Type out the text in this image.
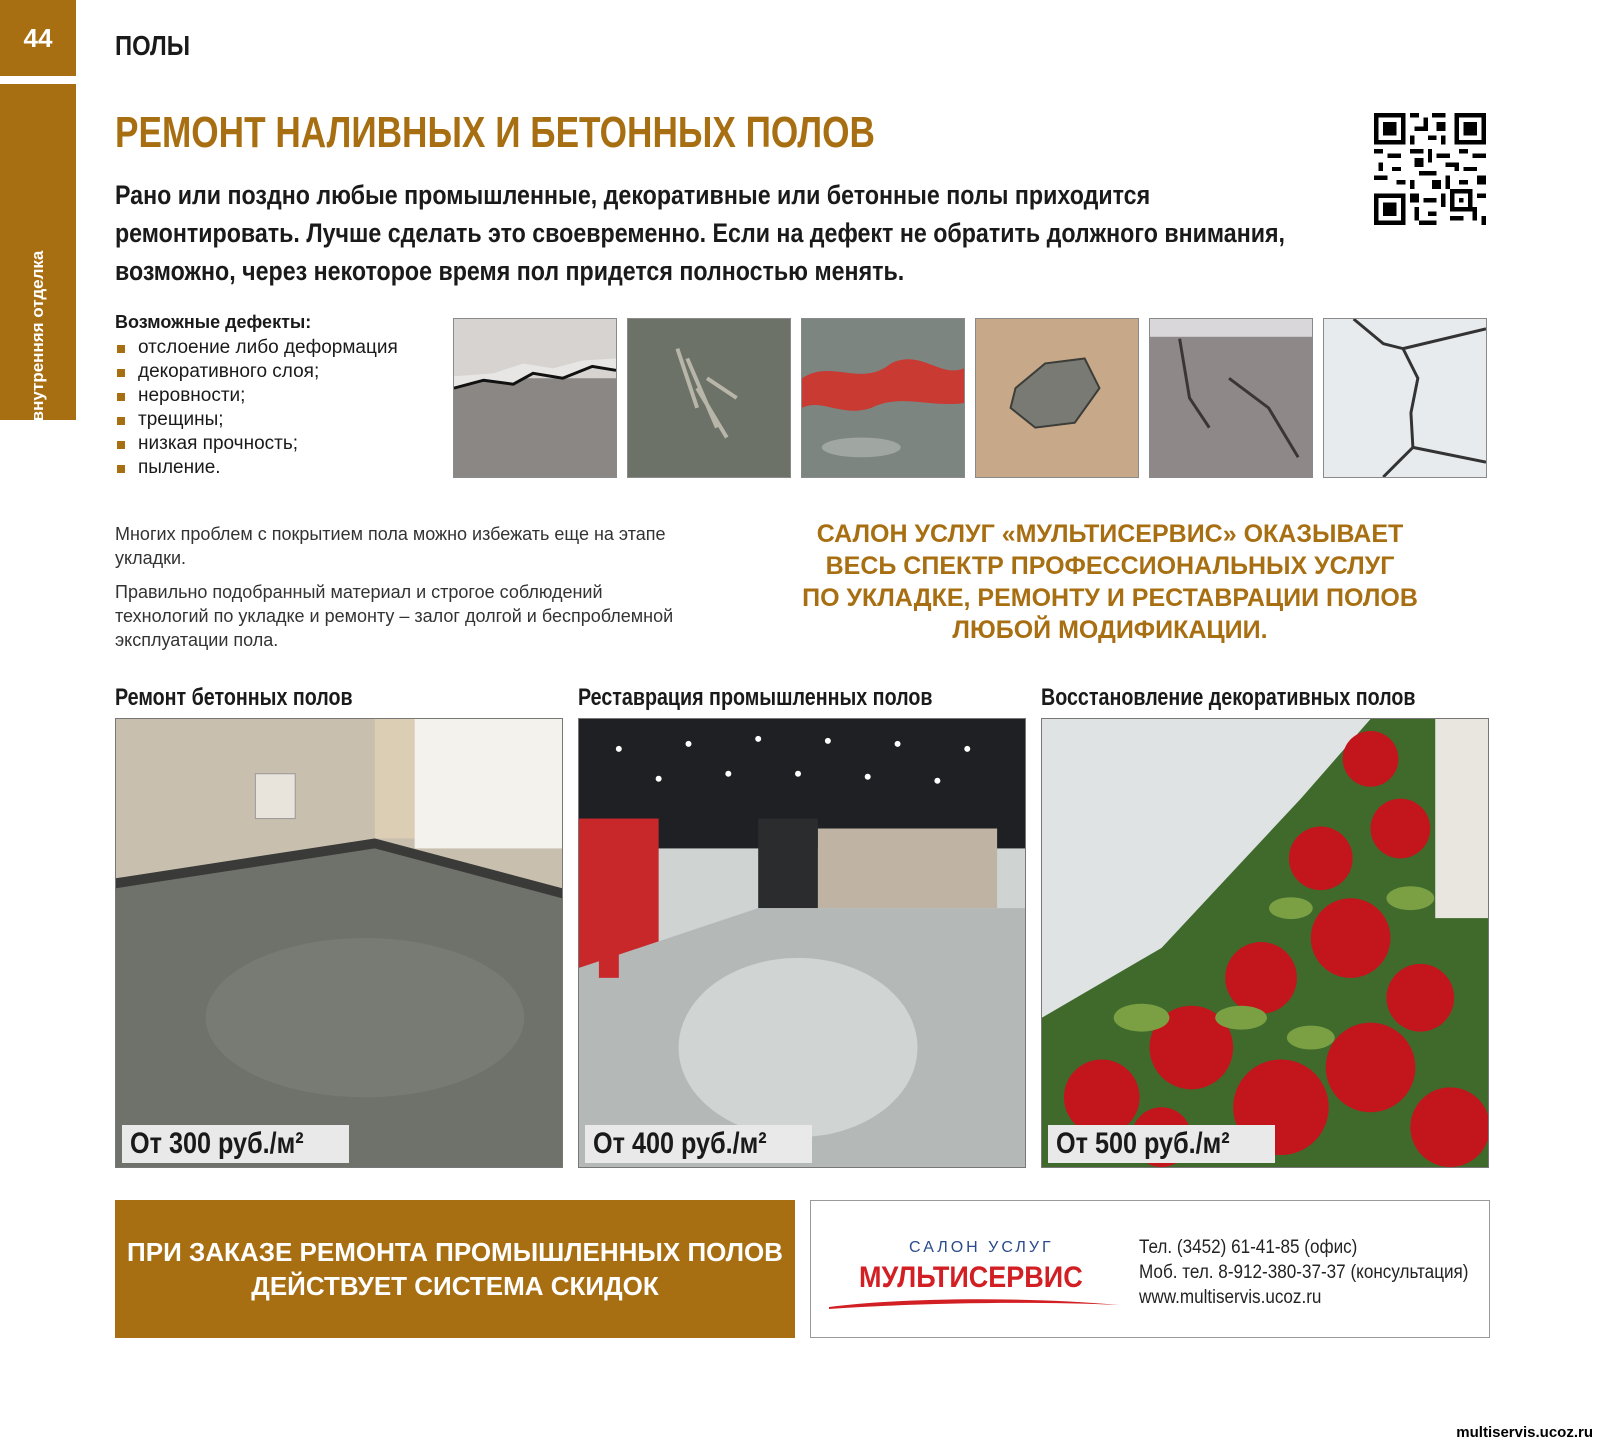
44
внутренняя отделка
ПОЛЫ
РЕМОНТ НАЛИВНЫХ И БЕТОННЫХ ПОЛОВ
Рано или поздно любые промышленные, декоративные или бетонные полы приходится
ремонтировать. Лучше сделать это своевременно. Если на дефект не обратить должного внимания,
возможно, через некоторое время пол придется полностью менять.
Возможные дефекты:
отслоение либо деформация
декоративного слоя;
неровности;
трещины;
низкая прочность;
пыление.

Многих проблем с покрытием пола можно избежать еще на этапе укладки.

Правильно подобранный материал и строгое соблюдений технологий по укладке и ремонту – залог долгой и беспроблемной эксплуатации пола.

САЛОН УСЛУГ «МУЛЬТИСЕРВИС» ОКАЗЫВАЕТ
ВЕСЬ СПЕКТР ПРОФЕССИОНАЛЬНЫХ УСЛУГ
ПО УКЛАДКЕ, РЕМОНТУ И РЕСТАВРАЦИИ ПОЛОВ
ЛЮБОЙ МОДИФИКАЦИИ.
Ремонт бетонных полов	Реставрация промышленных полов	Восстановление декоративных полов
От 300 руб./м²	От 400 руб./м²	От 500 руб./м²
ПРИ ЗАКАЗЕ РЕМОНТА ПРОМЫШЛЕННЫХ ПОЛОВ
ДЕЙСТВУЕТ СИСТЕМА СКИДОК
САЛОН УСЛУГ
МУЛЬТИСЕРВИС
Тел. (3452) 61-41-85 (офис)
Моб. тел. 8-912-380-37-37 (консультация)
www.multiservis.ucoz.ru
multiservis.ucoz.ru
